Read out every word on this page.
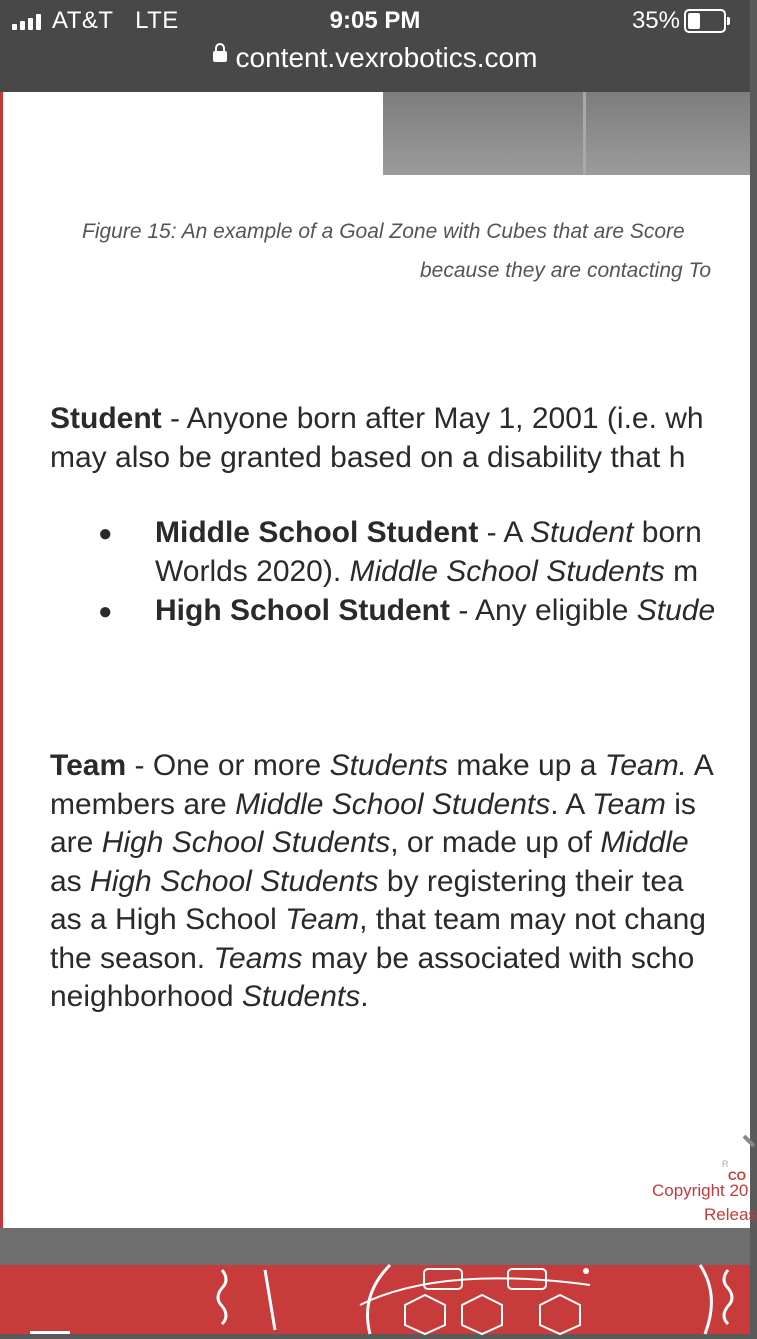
AT&T LTE	9:05 PM	35%
content.vexrobotics.com
Figure 15: An example of a Goal Zone with Cubes that are Score
because they are contacting To
Student - Anyone born after May 1, 2001 (i.e. wh
may also be granted based on a disability that h
● Middle School Student - A Student born
Worlds 2020). Middle School Students m
● High School Student - Any eligible Stude
Team - One or more Students make up a Team. A
members are Middle School Students. A Team is
are High School Students, or made up of Middle
as High School Students by registering their tea
as a High School Team, that team may not chang
the season. Teams may be associated with scho
neighborhood Students.
R
CO
Copyright 20
Releas
